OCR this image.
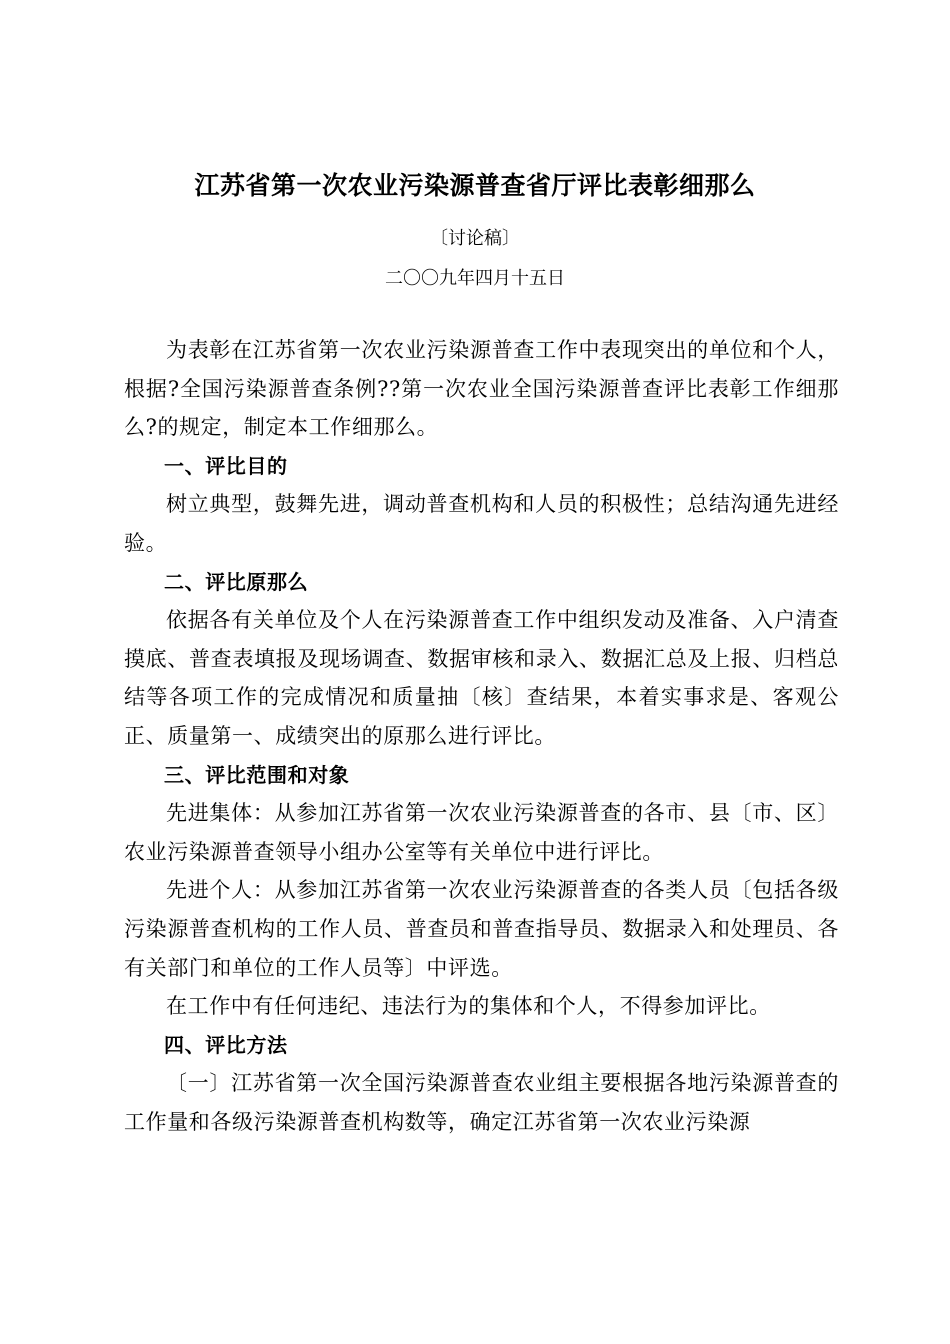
江苏省第一次农业污染源普查省厅评比表彰细那么
〔讨论稿〕
二〇〇九年四月十五日

为表彰在江苏省第一次农业污染源普查工作中表现突出的单位和个人，根据?全国污染源普查条例??第一次农业全国污染源普查评比表彰工作细那么?的规定，制定本工作细那么。

一、评比目的

树立典型，鼓舞先进，调动普查机构和人员的积极性；总结沟通先进经验。

二、评比原那么

依据各有关单位及个人在污染源普查工作中组织发动及准备、入户清查摸底、普查表填报及现场调查、数据审核和录入、数据汇总及上报、归档总结等各项工作的完成情况和质量抽〔核〕查结果，本着实事求是、客观公正、质量第一、成绩突出的原那么进行评比。

三、评比范围和对象

先进集体：从参加江苏省第一次农业污染源普查的各市、县〔市、区〕农业污染源普查领导小组办公室等有关单位中进行评比。

先进个人：从参加江苏省第一次农业污染源普查的各类人员〔包括各级污染源普查机构的工作人员、普查员和普查指导员、数据录入和处理员、各有关部门和单位的工作人员等〕中评选。

在工作中有任何违纪、违法行为的集体和个人，不得参加评比。

四、评比方法

〔一〕江苏省第一次全国污染源普查农业组主要根据各地污染源普查的工作量和各级污染源普查机构数等，确定江苏省第一次农业污染源
